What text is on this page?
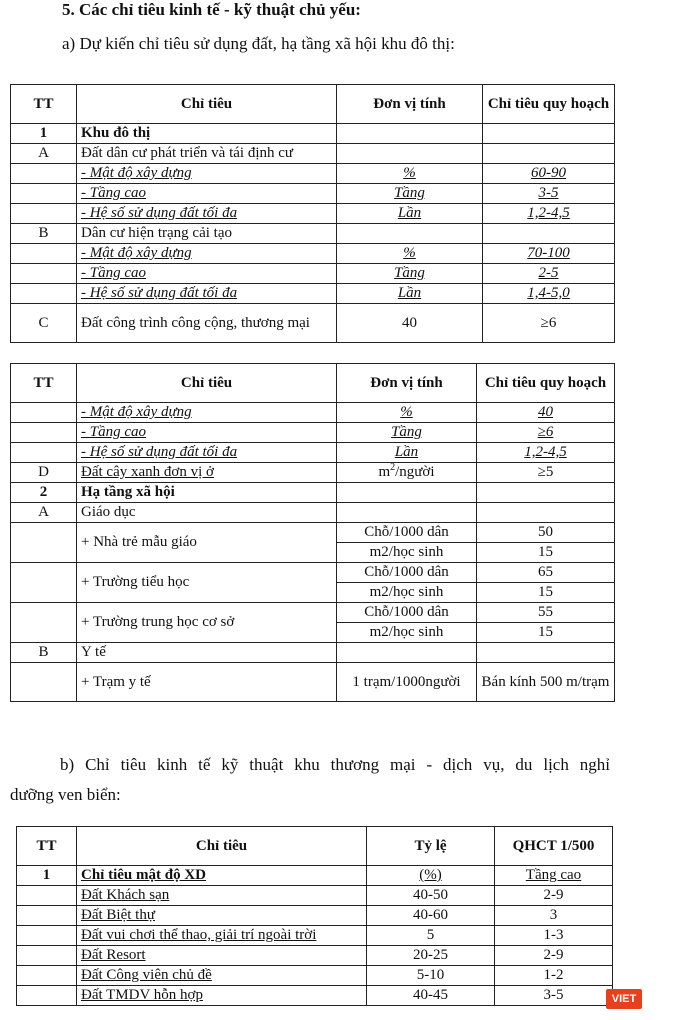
5. Các chỉ tiêu kinh tế - kỹ thuật chủ yếu:
a) Dự kiến chỉ tiêu sử dụng đất, hạ tầng xã hội khu đô thị:
TT	Chỉ tiêu	Đơn vị tính	Chỉ tiêu quy hoạch
1	Khu đô thị		
A	Đất dân cư phát triển và tái định cư		
	- Mật độ xây dựng	%	60-90
	- Tầng cao	Tầng	3-5
	- Hệ số sử dụng đất tối đa	Lần	1,2-4,5
B	Dân cư hiện trạng cải tạo		
	- Mật độ xây dựng	%	70-100
	- Tầng cao	Tầng	2-5
	- Hệ số sử dụng đất tối đa	Lần	1,4-5,0
C	Đất công trình công cộng, thương mại	40	≥6
TT	Chỉ tiêu	Đơn vị tính	Chỉ tiêu quy hoạch
	- Mật độ xây dựng	%	40
	- Tầng cao	Tầng	≥6
	- Hệ số sử dụng đất tối đa	Lần	1,2-4,5
D	Đất cây xanh đơn vị ở	$m^2$/người	≥5
2	Hạ tầng xã hội		
A	Giáo dục		
	+ Nhà trẻ mẫu giáo	Chỗ/1000 dân	50
		m2/học sinh	15
	+ Trường tiểu học	Chỗ/1000 dân	65
		m2/học sinh	15
	+ Trường trung học cơ sở	Chỗ/1000 dân	55
		m2/học sinh	15
B	Y tế		
	+ Trạm y tế	1 trạm/1000người	Bán kính 500 m/trạm
b) Chỉ tiêu kinh tế kỹ thuật khu thương mại - dịch vụ, du lịch nghỉ
dưỡng ven biển:
TT	Chỉ tiêu	Tỷ lệ	QHCT 1/500
1	Chỉ tiêu mật độ XD	(%)	Tầng cao
	Đất Khách sạn	40-50	2-9
	Đất Biệt thự	40-60	3
	Đất vui chơi thể thao, giải trí ngoài trời	5	1-3
	Đất Resort	20-25	2-9
	Đất Công viên chủ đề	5-10	1-2
	Đất TMDV hỗn hợp	40-45	3-5	VIET
